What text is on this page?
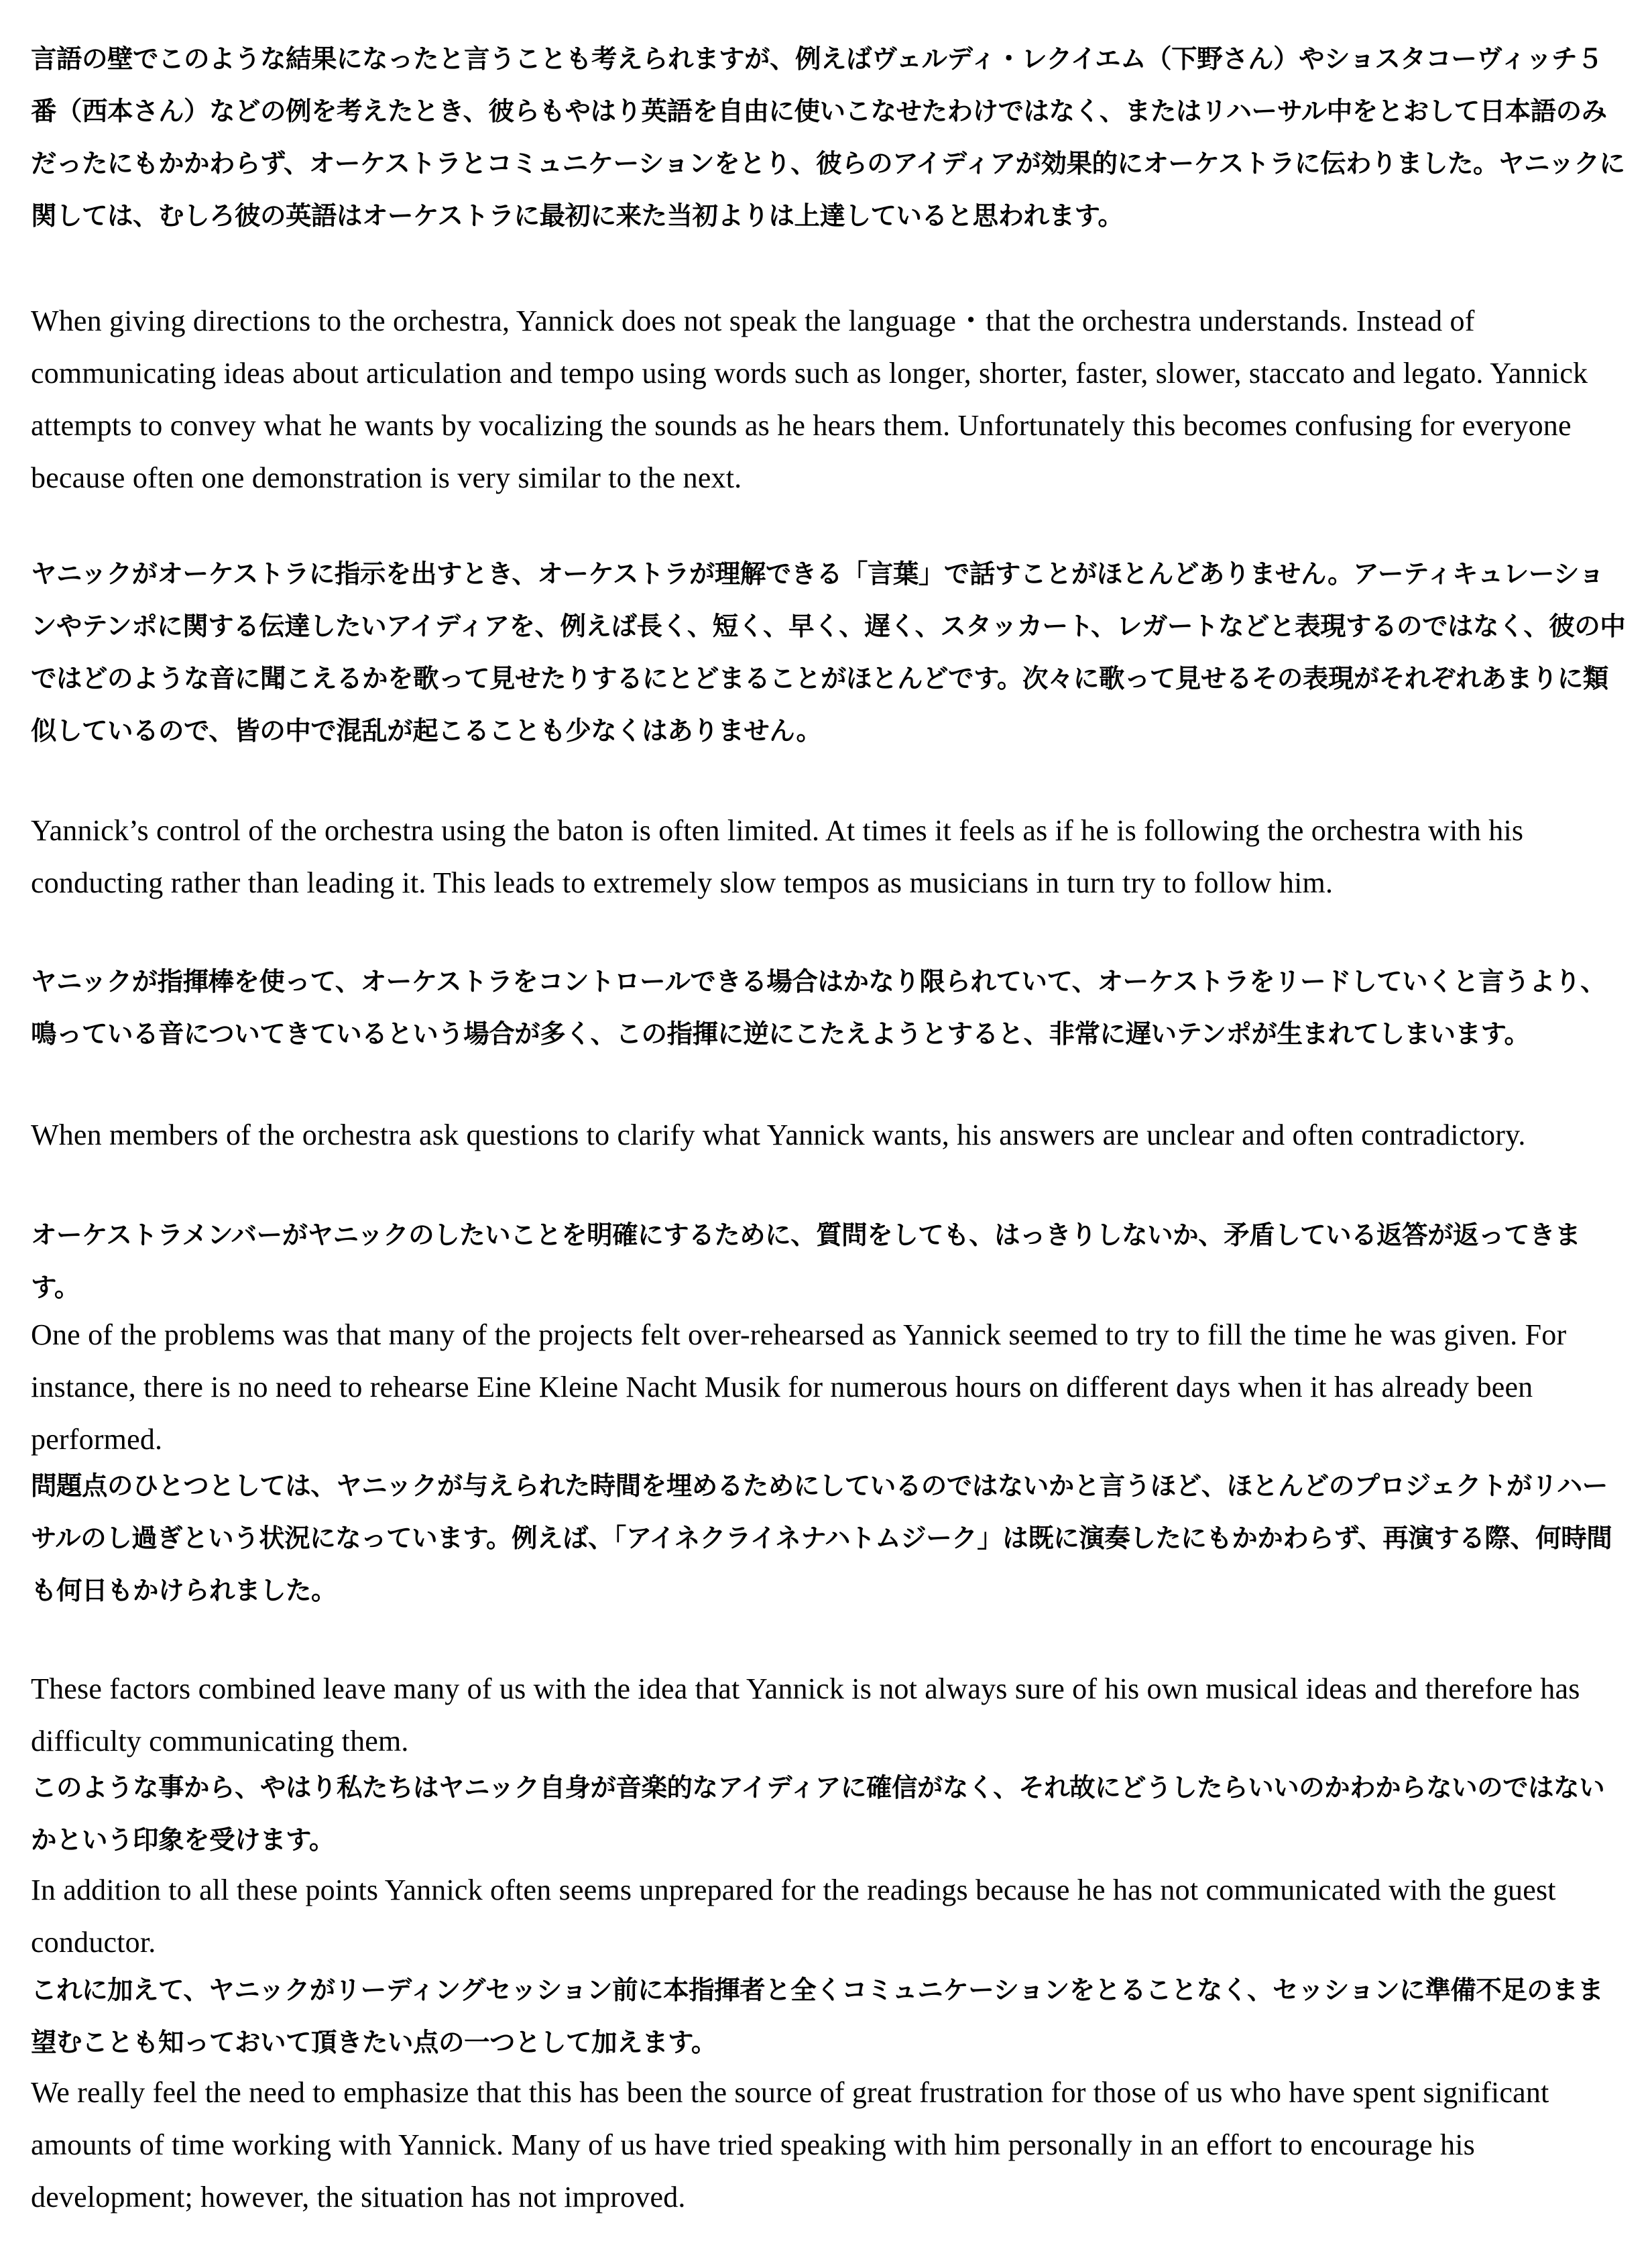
言語の壁でこのような結果になったと言うことも考えられますが、例えばヴェルディ・レクイエム（下野さん）やショスタコーヴィッチ５番（西本さん）などの例を考えたとき、彼らもやはり英語を自由に使いこなせたわけではなく、またはリハーサル中をとおして日本語のみだったにもかかわらず、オーケストラとコミュニケーションをとり、彼らのアイディアが効果的にオーケストラに伝わりました。ヤニックに関しては、むしろ彼の英語はオーケストラに最初に来た当初よりは上達していると思われます。

When giving directions to the orchestra, Yannick does not speak the language・that the orchestra understands. Instead of communicating ideas about articulation and tempo using words such as longer, shorter, faster, slower, staccato and legato. Yannick attempts to convey what he wants by vocalizing the sounds as he hears them. Unfortunately this becomes confusing for everyone because often one demonstration is very similar to the next.

ヤニックがオーケストラに指示を出すとき、オーケストラが理解できる「言葉」で話すことがほとんどありません。アーティキュレーションやテンポに関する伝達したいアイディアを、例えば長く、短く、早く、遅く、スタッカート、レガートなどと表現するのではなく、彼の中ではどのような音に聞こえるかを歌って見せたりするにとどまることがほとんどです。次々に歌って見せるその表現がそれぞれあまりに類似しているので、皆の中で混乱が起こることも少なくはありません。

Yannick’s control of the orchestra using the baton is often limited. At times it feels as if he is following the orchestra with his conducting rather than leading it. This leads to extremely slow tempos as musicians in turn try to follow him.

ヤニックが指揮棒を使って、オーケストラをコントロールできる場合はかなり限られていて、オーケストラをリードしていくと言うより、鳴っている音についてきているという場合が多く、この指揮に逆にこたえようとすると、非常に遅いテンポが生まれてしまいます。

When members of the orchestra ask questions to clarify what Yannick wants, his answers are unclear and often contradictory.

オーケストラメンバーがヤニックのしたいことを明確にするために、質問をしても、はっきりしないか、矛盾している返答が返ってきます。

One of the problems was that many of the projects felt over-rehearsed as Yannick seemed to try to fill the time he was given. For instance, there is no need to rehearse Eine Kleine Nacht Musik for numerous hours on different days when it has already been performed.

問題点のひとつとしては、ヤニックが与えられた時間を埋めるためにしているのではないかと言うほど、ほとんどのプロジェクトがリハーサルのし過ぎという状況になっています。例えば、「アイネクライネナハトムジーク」は既に演奏したにもかかわらず、再演する際、何時間も何日もかけられました。

These factors combined leave many of us with the idea that Yannick is not always sure of his own musical ideas and therefore has difficulty communicating them.

このような事から、やはり私たちはヤニック自身が音楽的なアイディアに確信がなく、それ故にどうしたらいいのかわからないのではないかという印象を受けます。

In addition to all these points Yannick often seems unprepared for the readings because he has not communicated with the guest conductor.

これに加えて、ヤニックがリーディングセッション前に本指揮者と全くコミュニケーションをとることなく、セッションに準備不足のまま望むことも知っておいて頂きたい点の一つとして加えます。

We really feel the need to emphasize that this has been the source of great frustration for those of us who have spent significant amounts of time working with Yannick. Many of us have tried speaking with him personally in an effort to encourage his development; however, the situation has not improved.
